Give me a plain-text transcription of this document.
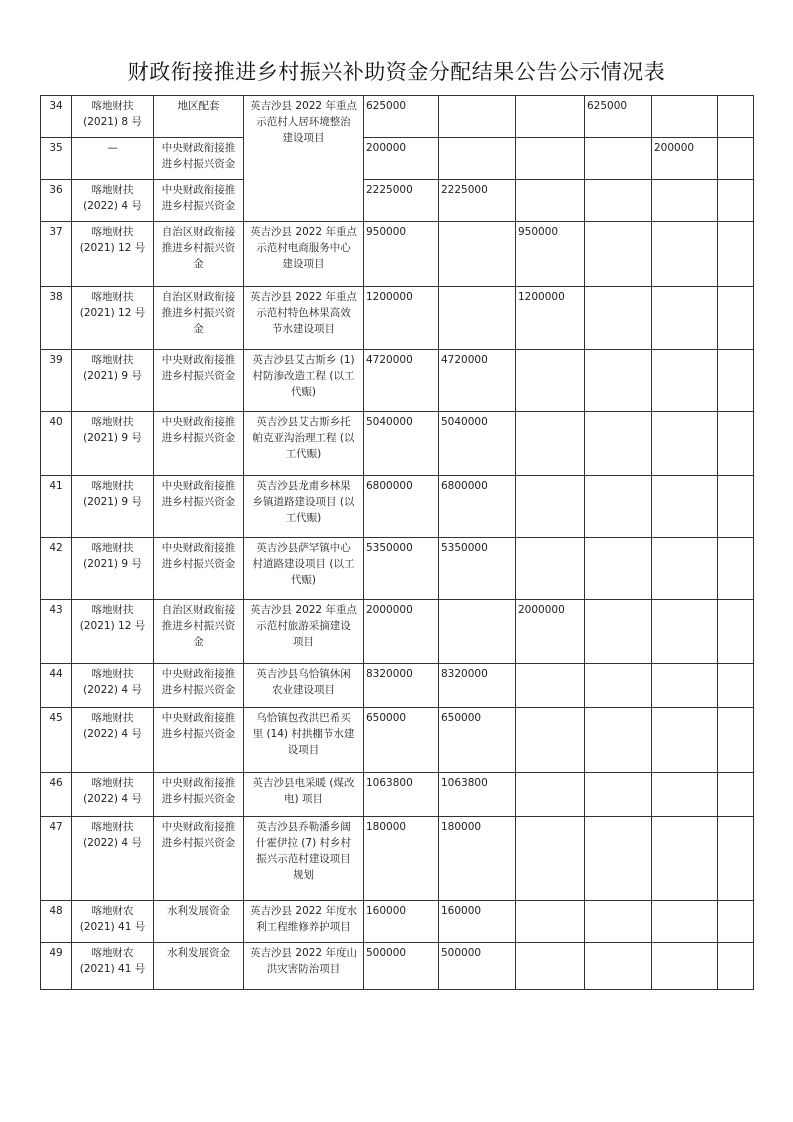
财政衔接推进乡村振兴补助资金分配结果公告公示情况表
34	喀地财扶
(2021) 8 号	地区配套	英吉沙县 2022 年重点
示范村人居环境整治
建设项目	625000			625000		
35	—	中央财政衔接推
进乡村振兴资金		200000				200000	
36	喀地财扶
(2022) 4 号	中央财政衔接推
进乡村振兴资金		2225000	2225000				
37	喀地财扶
(2021) 12 号	自治区财政衔接
推进乡村振兴资
金	英吉沙县 2022 年重点
示范村电商服务中心
建设项目	950000		950000			
38	喀地财扶
(2021) 12 号	自治区财政衔接
推进乡村振兴资
金	英吉沙县 2022 年重点
示范村特色林果高效
节水建设项目	1200000		1200000			
39	喀地财扶
(2021) 9 号	中央财政衔接推
进乡村振兴资金	英吉沙县艾古斯乡 (1)
村防渗改造工程 (以工
代赈)	4720000	4720000				
40	喀地财扶
(2021) 9 号	中央财政衔接推
进乡村振兴资金	英吉沙县艾古斯乡托
帕克亚沟治理工程 (以
工代赈)	5040000	5040000				
41	喀地财扶
(2021) 9 号	中央财政衔接推
进乡村振兴资金	英吉沙县龙甫乡林果
乡镇道路建设项目 (以
工代赈)	6800000	6800000				
42	喀地财扶
(2021) 9 号	中央财政衔接推
进乡村振兴资金	英吉沙县萨罕镇中心
村道路建设项目 (以工
代赈)	5350000	5350000				
43	喀地财扶
(2021) 12 号	自治区财政衔接
推进乡村振兴资
金	英吉沙县 2022 年重点
示范村旅游采摘建设
项目	2000000		2000000			
44	喀地财扶
(2022) 4 号	中央财政衔接推
进乡村振兴资金	英吉沙县乌恰镇休闲
农业建设项目	8320000	8320000				
45	喀地财扶
(2022) 4 号	中央财政衔接推
进乡村振兴资金	乌恰镇包孜洪巴希买
里 (14) 村拱棚节水建
设项目	650000	650000				
46	喀地财扶
(2022) 4 号	中央财政衔接推
进乡村振兴资金	英吉沙县电采暖 (煤改
电) 项目	1063800	1063800				
47	喀地财扶
(2022) 4 号	中央财政衔接推
进乡村振兴资金	英吉沙县乔勒潘乡阔
什霍伊拉 (7) 村乡村
振兴示范村建设项目
规划	180000	180000				
48	喀地财农
(2021) 41 号	水利发展资金	英吉沙县 2022 年度水
利工程维修养护项目	160000	160000				
49	喀地财农
(2021) 41 号	水利发展资金	英吉沙县 2022 年度山
洪灾害防治项目	500000	500000				
